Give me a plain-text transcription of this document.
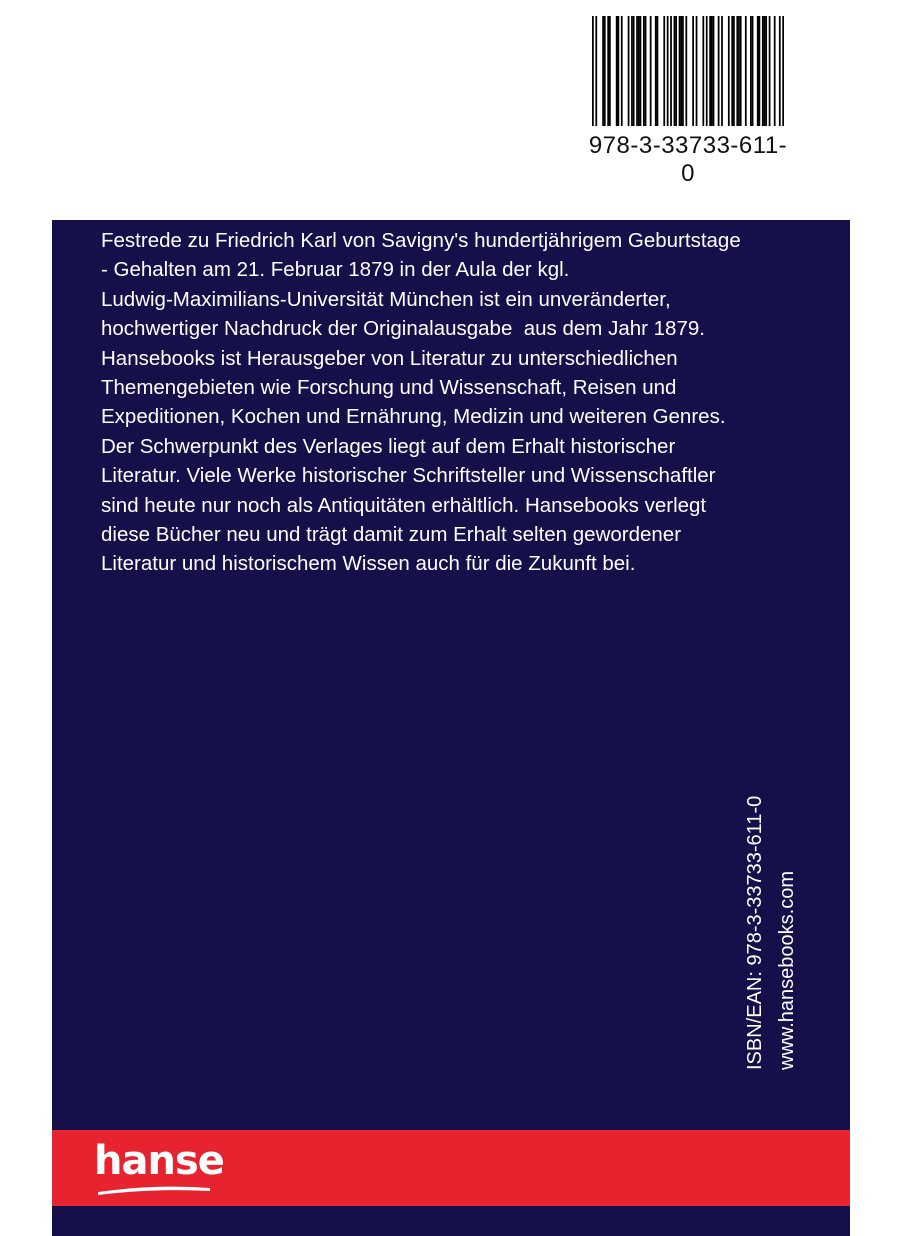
978-3-33733-611-0

Festrede zu Friedrich Karl von Savigny's hundertjährigem Geburtstage

- Gehalten am 21. Februar 1879 in der Aula der kgl.

Ludwig-Maximilians-Universität München ist ein unveränderter,

hochwertiger Nachdruck der Originalausgabe  aus dem Jahr 1879.

Hansebooks ist Herausgeber von Literatur zu unterschiedlichen

Themengebieten wie Forschung und Wissenschaft, Reisen und

Expeditionen, Kochen und Ernährung, Medizin und weiteren Genres.

Der Schwerpunkt des Verlages liegt auf dem Erhalt historischer

Literatur. Viele Werke historischer Schriftsteller und Wissenschaftler

sind heute nur noch als Antiquitäten erhältlich. Hansebooks verlegt

diese Bücher neu und trägt damit zum Erhalt selten gewordener

Literatur und historischem Wissen auch für die Zukunft bei.

ISBN/EAN: 978-3-33733-611-0 www.hansebooks.com
hanse
